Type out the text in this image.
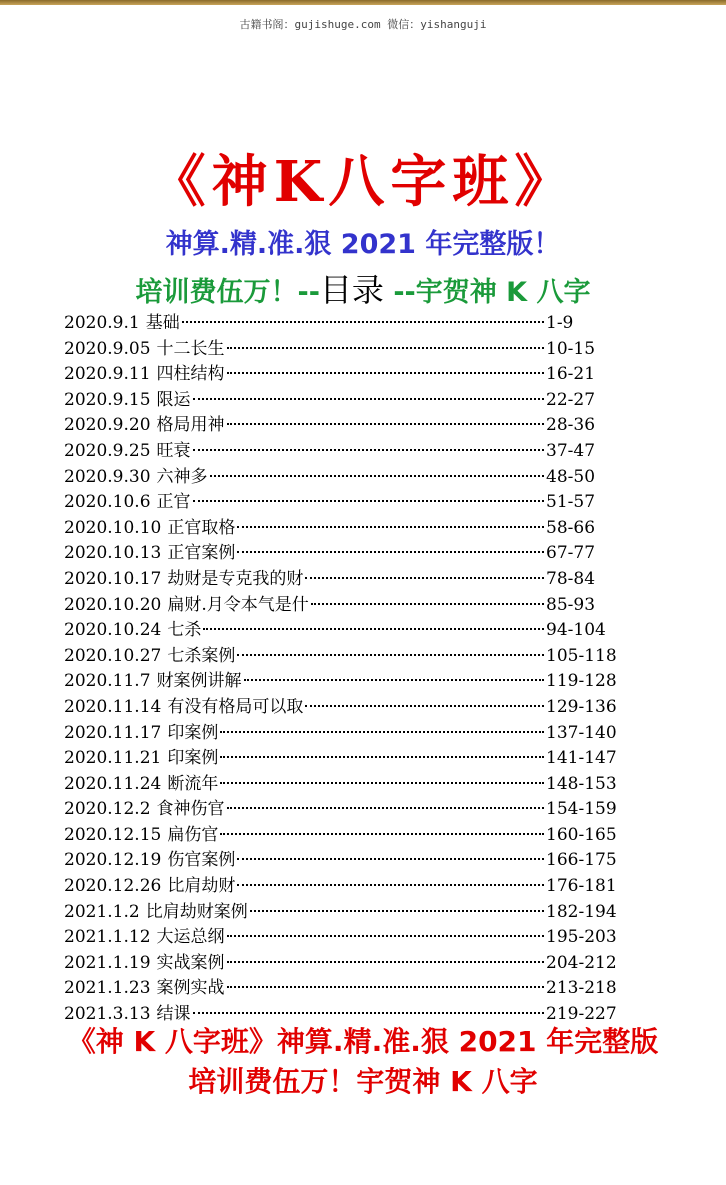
古籍书阁：gujishuge.com 微信：yishanguji
《神K八字班》
神算.精.准.狠 2021 年完整版！
培训费伍万！--目录 --宇贺神 K 八字
2020.9.1 基础	1-9
2020.9.05 十二长生	10-15
2020.9.11 四柱结构	16-21
2020.9.15 限运	22-27
2020.9.20 格局用神	28-36
2020.9.25 旺衰	37-47
2020.9.30 六神多	48-50
2020.10.6 正官	51-57
2020.10.10 正官取格	58-66
2020.10.13 正官案例	67-77
2020.10.17 劫财是专克我的财	78-84
2020.10.20 扁财.月令本气是什	85-93
2020.10.24 七杀	94-104
2020.10.27 七杀案例	105-118
2020.11.7 财案例讲解	119-128
2020.11.14 有没有格局可以取	129-136
2020.11.17 印案例	137-140
2020.11.21 印案例	141-147
2020.11.24 断流年	148-153
2020.12.2 食神伤官	154-159
2020.12.15 扁伤官	160-165
2020.12.19 伤官案例	166-175
2020.12.26 比肩劫财	176-181
2021.1.2 比肩劫财案例	182-194
2021.1.12 大运总纲	195-203
2021.1.19 实战案例	204-212
2021.1.23 案例实战	213-218
2021.3.13 结课	219-227
《神 K 八字班》神算.精.准.狠 2021 年完整版
培训费伍万！宇贺神 K 八字
